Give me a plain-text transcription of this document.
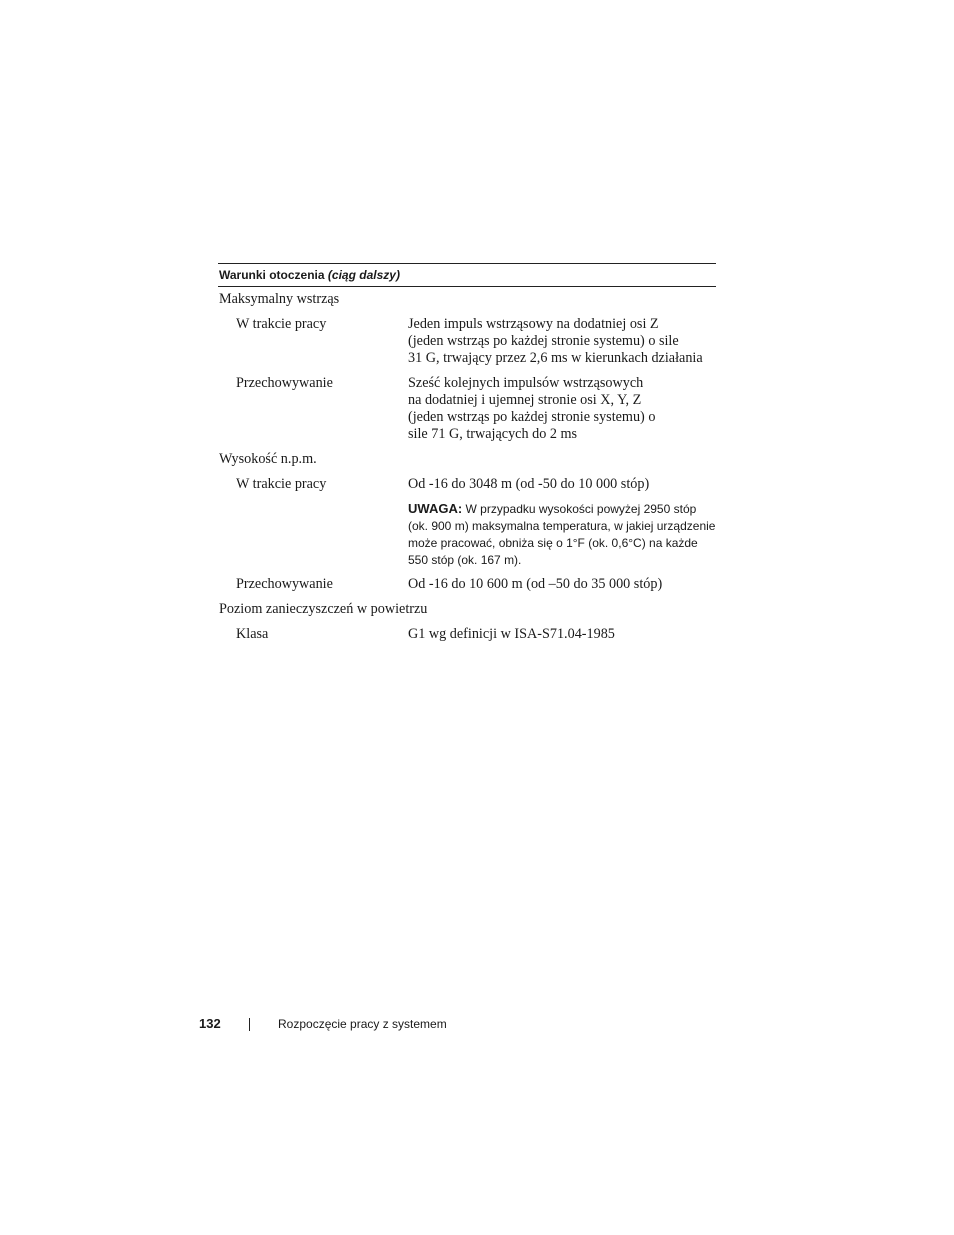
Warunki otoczenia (ciąg dalszy)
Maksymalny wstrząs
W trakcie pracy	Jeden impuls wstrząsowy na dodatniej osi Z
(jeden wstrząs po każdej stronie systemu) o sile
31 G, trwający przez 2,6 ms w kierunkach działania
Przechowywanie	Sześć kolejnych impulsów wstrząsowych
na dodatniej i ujemnej stronie osi X, Y, Z
(jeden wstrząs po każdej stronie systemu) o
sile 71 G, trwających do 2 ms
Wysokość n.p.m.
W trakcie pracy	Od -16 do 3048 m (od -50 do 10 000 stóp)
UWAGA: W przypadku wysokości powyżej 2950 stóp
(ok. 900 m) maksymalna temperatura, w jakiej urządzenie
może pracować, obniża się o 1°F (ok. 0,6°C) na każde
550 stóp (ok. 167 m).
Przechowywanie	Od -16 do 10 600 m (od –50 do 35 000 stóp)
Poziom zanieczyszczeń w powietrzu
Klasa	G1 wg definicji w ISA-S71.04-1985
132	Rozpoczęcie pracy z systemem
